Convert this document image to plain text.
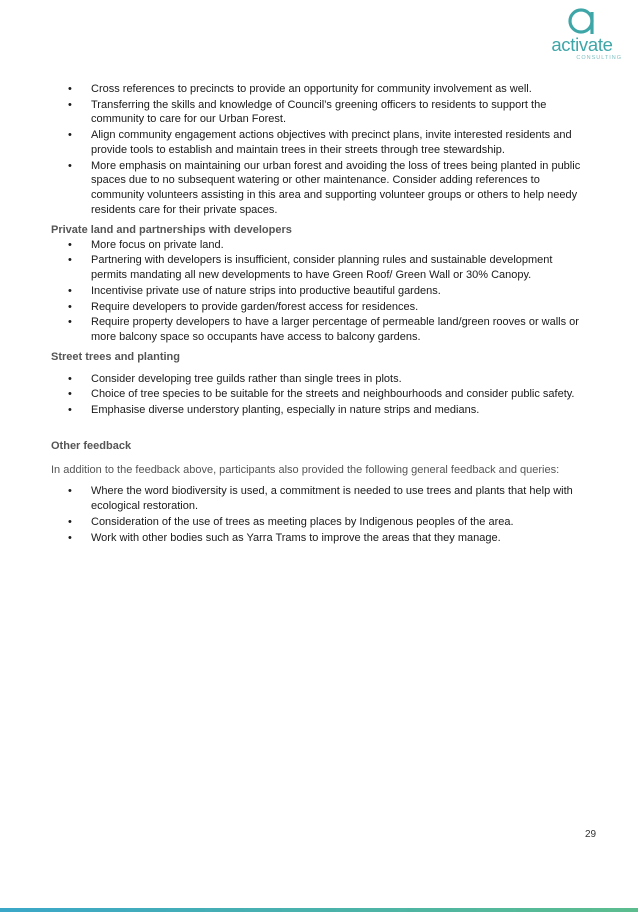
activate
CONSULTING
• Cross references to precincts to provide an opportunity for community involvement as well.
• Transferring the skills and knowledge of Council’s greening officers to residents to support the community to care for our Urban Forest.
• Align community engagement actions objectives with precinct plans, invite interested residents and provide tools to establish and maintain trees in their streets through tree stewardship.
• More emphasis on maintaining our urban forest and avoiding the loss of trees being planted in public spaces due to no subsequent watering or other maintenance. Consider adding references to community volunteers assisting in this area and supporting volunteer groups or others to help needy residents care for their private spaces.
Private land and partnerships with developers
• More focus on private land.
• Partnering with developers is insufficient, consider planning rules and sustainable development permits mandating all new developments to have Green Roof/ Green Wall or 30% Canopy.
• Incentivise private use of nature strips into productive beautiful gardens.
• Require developers to provide garden/forest access for residences.
• Require property developers to have a larger percentage of permeable land/green rooves or walls or more balcony space so occupants have access to balcony gardens.
Street trees and planting
• Consider developing tree guilds rather than single trees in plots.
• Choice of tree species to be suitable for the streets and neighbourhoods and consider public safety.
• Emphasise diverse understory planting, especially in nature strips and medians.
Other feedback
In addition to the feedback above, participants also provided the following general feedback and queries:
• Where the word biodiversity is used, a commitment is needed to use trees and plants that help with ecological restoration.
• Consideration of the use of trees as meeting places by Indigenous peoples of the area.
• Work with other bodies such as Yarra Trams to improve the areas that they manage.
29
